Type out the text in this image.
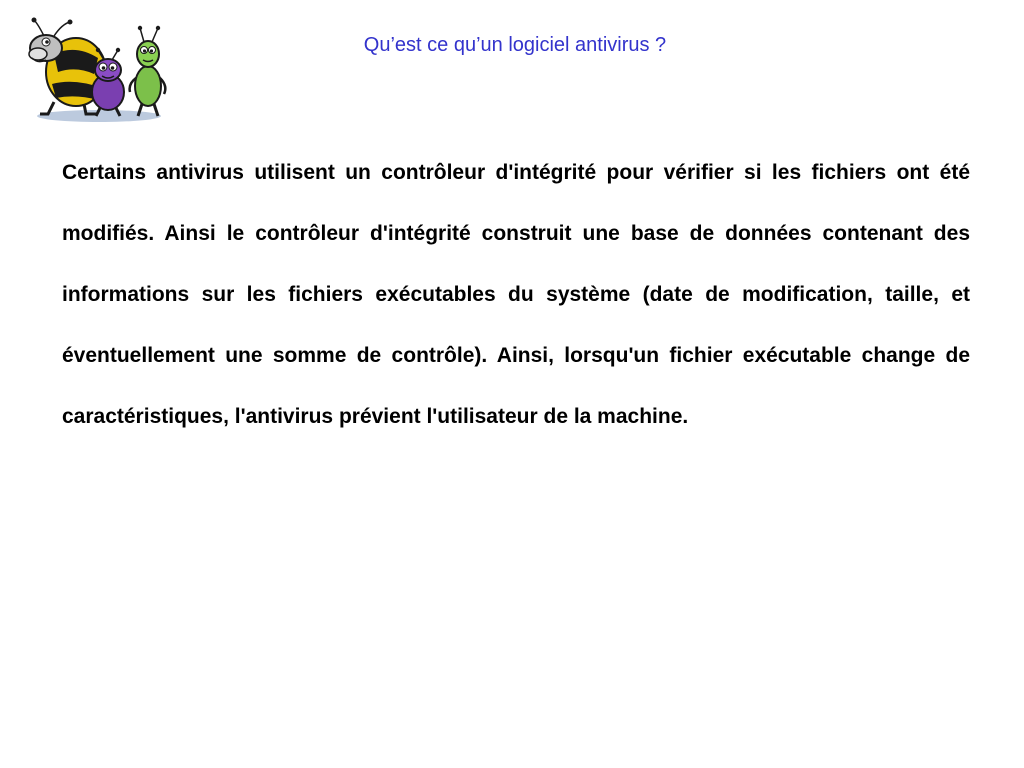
Qu’est ce qu’un logiciel antivirus ?

Certains antivirus utilisent un contrôleur d'intégrité pour vérifier si les fichiers ont été modifiés. Ainsi le contrôleur d'intégrité construit une base de données contenant des informations sur les fichiers exécutables du système (date de modification, taille, et éventuellement une somme de contrôle). Ainsi, lorsqu'un fichier exécutable change de caractéristiques, l'antivirus prévient l'utilisateur de la machine.
